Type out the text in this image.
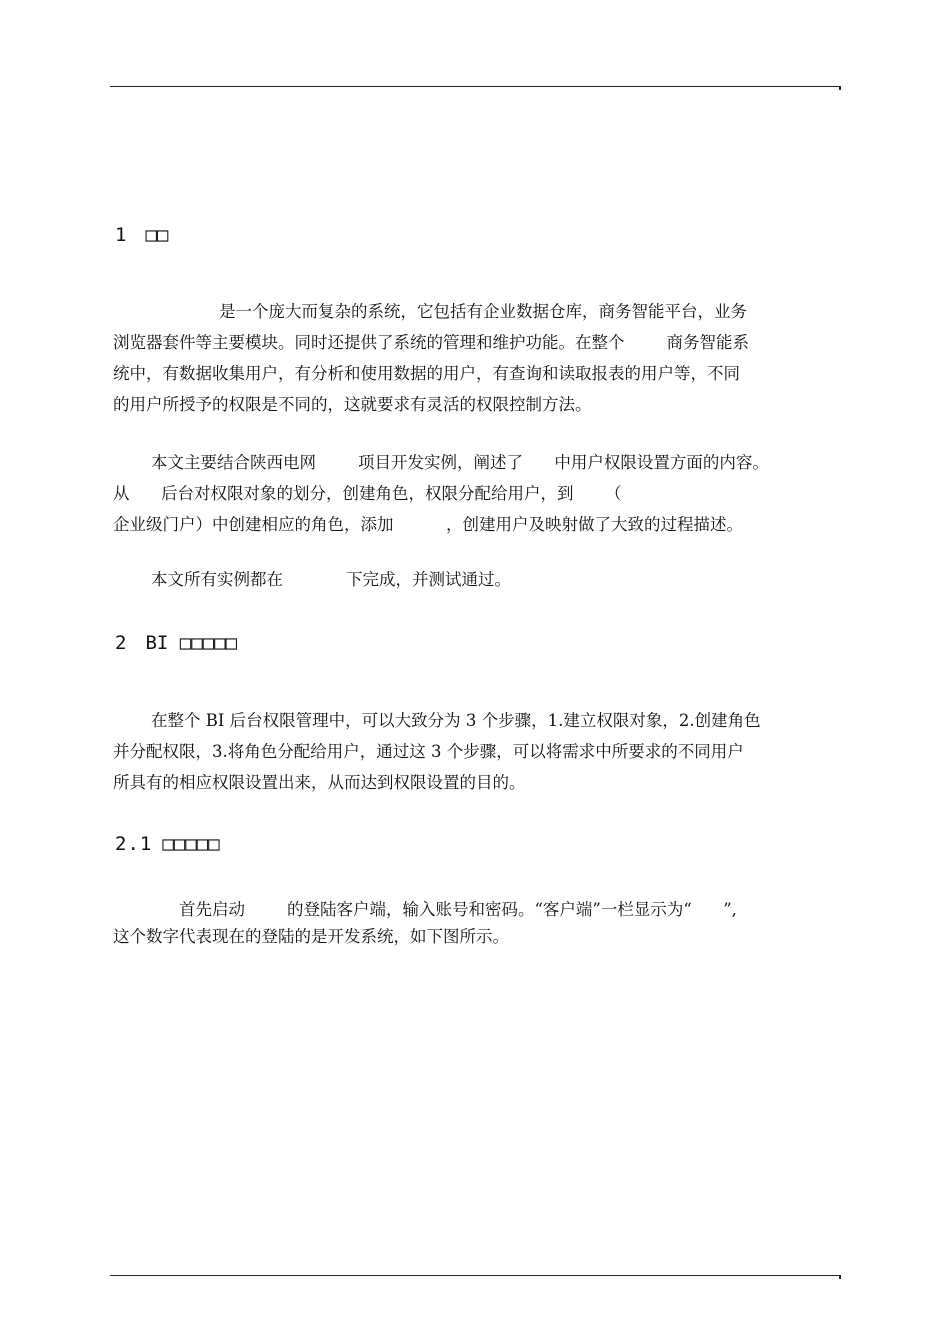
1 □□
是一个庞大而复杂的系统，它包括有企业数据仓库，商务智能平台，业务
浏览器套件等主要模块。同时还提供了系统的管理和维护功能。在整个        商务智能系
统中，有数据收集用户，有分析和使用数据的用户，有查询和读取报表的用户等，不同
的用户所授予的权限是不同的，这就要求有灵活的权限控制方法。
本文主要结合陕西电网        项目开发实例，阐述了      中用户权限设置方面的内容。
从      后台对权限对象的划分，创建角色，权限分配给用户，到      （
企业级门户）中创建相应的角色，添加          ，创建用户及映射做了大致的过程描述。
本文所有实例都在            下完成，并测试通过。
2 BI □□□□□
在整个 BI 后台权限管理中，可以大致分为 3 个步骤，1.建立权限对象，2.创建角色
并分配权限，3.将角色分配给用户，通过这 3 个步骤，可以将需求中所要求的不同用户
所具有的相应权限设置出来，从而达到权限设置的目的。
2.1 □□□□□
首先启动        的登陆客户端，输入账号和密码。“客户端”一栏显示为“      ”,
这个数字代表现在的登陆的是开发系统，如下图所示。
